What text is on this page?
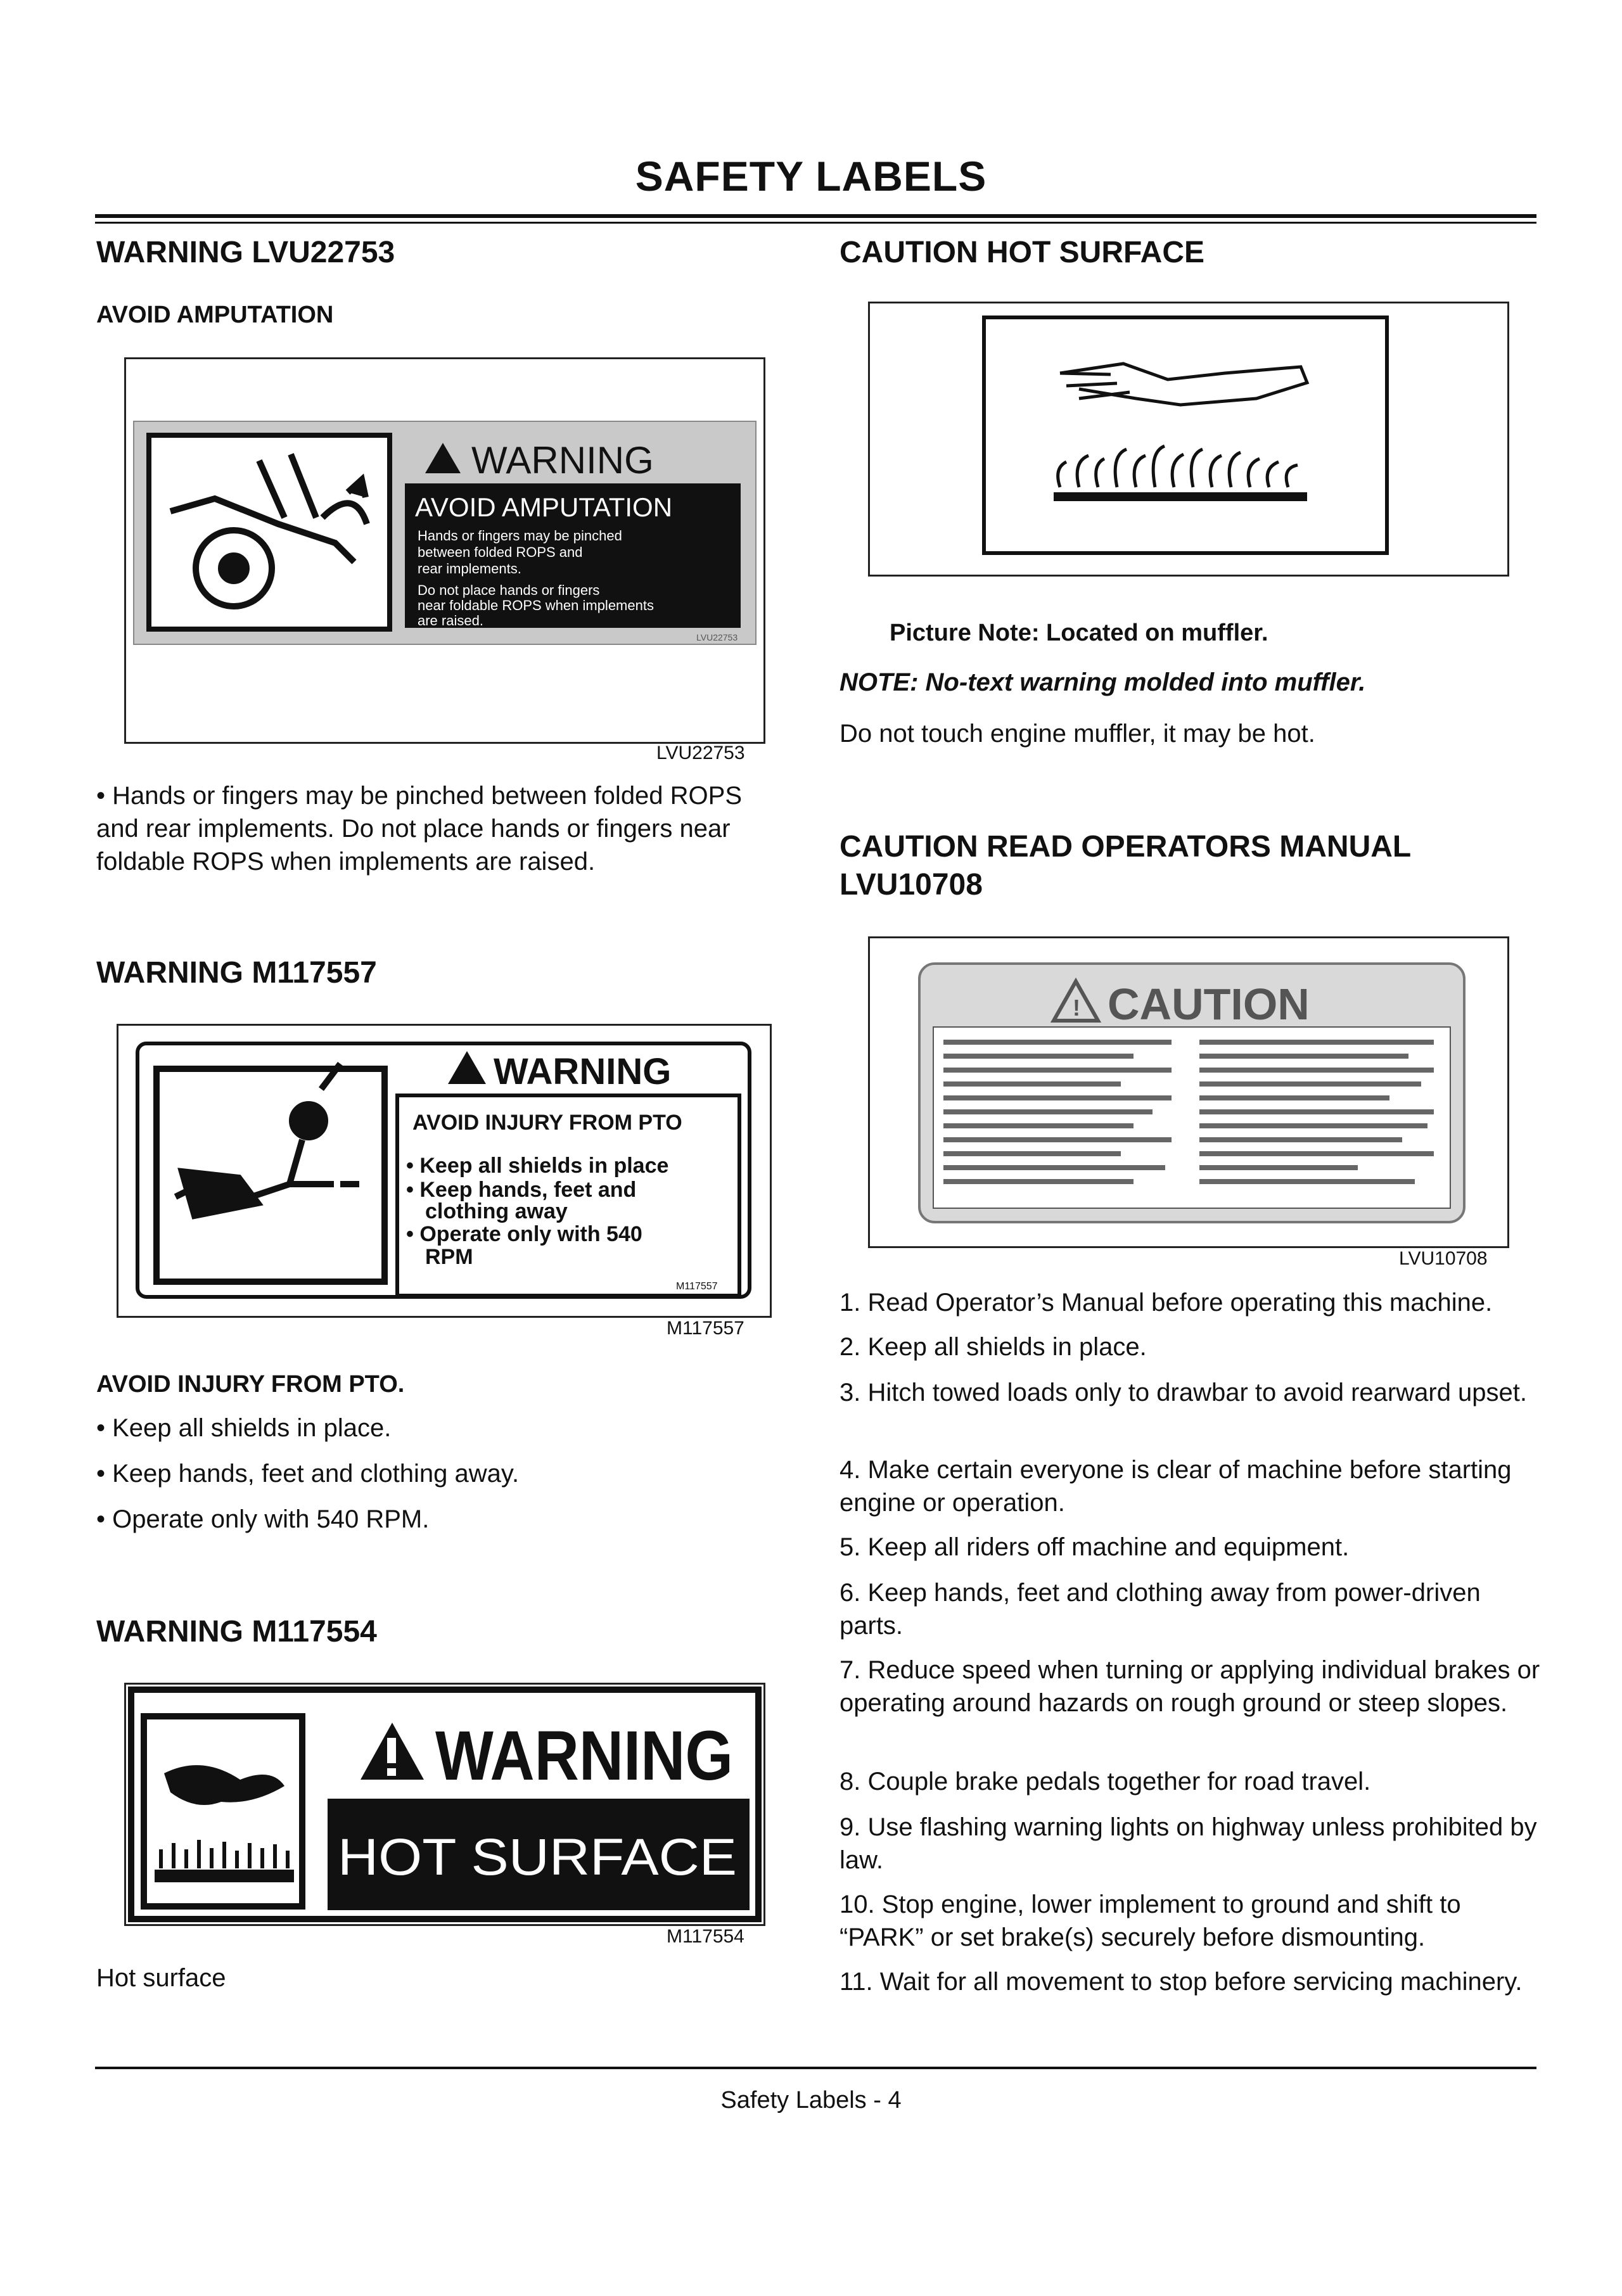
SAFETY LABELS
WARNING LVU22753
AVOID AMPUTATION
WARNING
AVOID AMPUTATION
Hands or fingers may be pinched
between folded ROPS and
rear implements.
Do not place hands or fingers
near foldable ROPS when implements
are raised.
LVU22753
LVU22753
• Hands or fingers may be pinched between folded ROPS and rear implements. Do not place hands or fingers near foldable ROPS when implements are raised.
WARNING M117557
WARNING
AVOID INJURY FROM PTO
• Keep all shields in place
• Keep hands, feet and
clothing away
• Operate only with 540
RPM
M117557
M117557
AVOID INJURY FROM PTO.
• Keep all shields in place.
• Keep hands, feet and clothing away.
• Operate only with 540 RPM.
WARNING M117554
WARNING
HOT SURFACE
M117554
Hot surface
CAUTION HOT SURFACE
Picture Note: Located on muffler.
NOTE: No-text warning molded into muffler.
Do not touch engine muffler, it may be hot.
CAUTION READ OPERATORS MANUAL
LVU10708
! CAUTION
LVU10708
1. Read Operator’s Manual before operating this machine.
2. Keep all shields in place.
3. Hitch towed loads only to drawbar to avoid rearward upset.
4. Make certain everyone is clear of machine before starting engine or operation.
5. Keep all riders off machine and equipment.
6. Keep hands, feet and clothing away from power-driven parts.
7. Reduce speed when turning or applying individual brakes or operating around hazards on rough ground or steep slopes.
8. Couple brake pedals together for road travel.
9. Use flashing warning lights on highway unless prohibited by law.
10. Stop engine, lower implement to ground and shift to “PARK” or set brake(s) securely before dismounting.
11. Wait for all movement to stop before servicing machinery.
Safety Labels - 4
